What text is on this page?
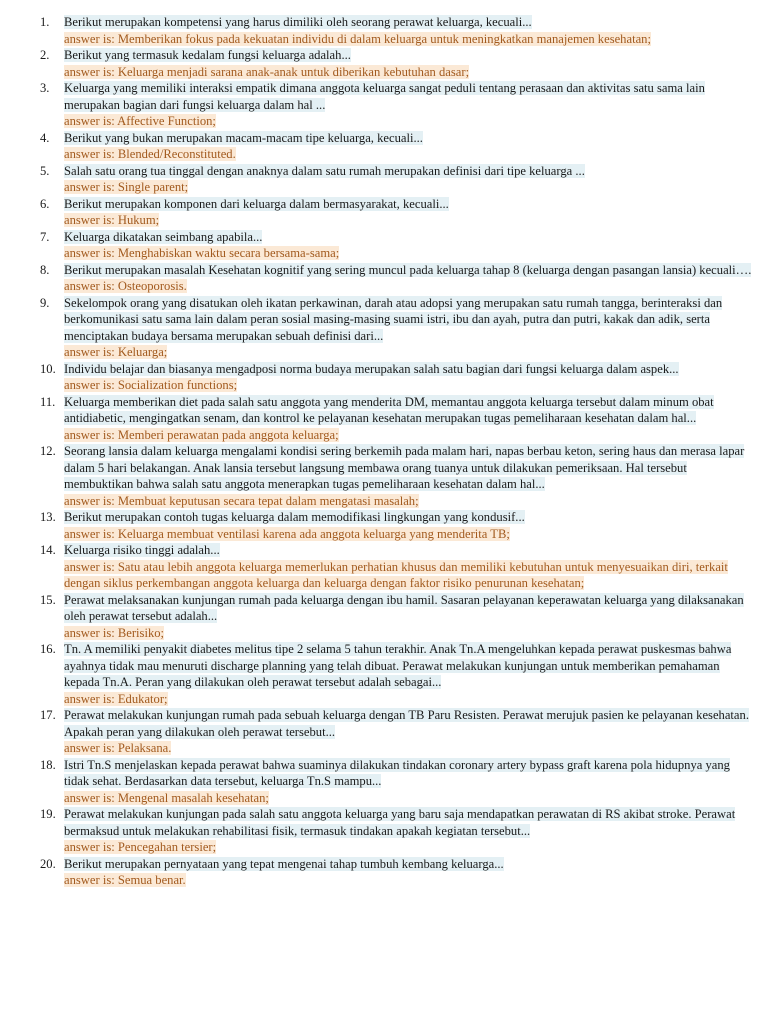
1. Berikut merupakan kompetensi yang harus dimiliki oleh seorang perawat keluarga, kecuali...
answer is: Memberikan fokus pada kekuatan individu di dalam keluarga untuk meningkatkan manajemen kesehatan;
2. Berikut yang termasuk kedalam fungsi keluarga adalah...
answer is: Keluarga menjadi sarana anak-anak untuk diberikan kebutuhan dasar;
3. Keluarga yang memiliki interaksi empatik dimana anggota keluarga sangat peduli tentang perasaan dan aktivitas satu sama lain merupakan bagian dari fungsi keluarga dalam hal ...
answer is: Affective Function;
4. Berikut yang bukan merupakan macam-macam tipe keluarga, kecuali...
answer is: Blended/Reconstituted.
5. Salah satu orang tua tinggal dengan anaknya dalam satu rumah merupakan definisi dari tipe keluarga ...
answer is: Single parent;
6. Berikut merupakan komponen dari keluarga dalam bermasyarakat, kecuali...
answer is: Hukum;
7. Keluarga dikatakan seimbang apabila...
answer is: Menghabiskan waktu secara bersama-sama;
8. Berikut merupakan masalah Kesehatan kognitif yang sering muncul pada keluarga tahap 8 (keluarga dengan pasangan lansia) kecuali….
answer is: Osteoporosis.
9. Sekelompok orang yang disatukan oleh ikatan perkawinan, darah atau adopsi yang merupakan satu rumah tangga, berinteraksi dan berkomunikasi satu sama lain dalam peran sosial masing-masing suami istri, ibu dan ayah, putra dan putri, kakak dan adik, serta menciptakan budaya bersama merupakan sebuah definisi dari...
answer is: Keluarga;
10. Individu belajar dan biasanya mengadposi norma budaya merupakan salah satu bagian dari fungsi keluarga dalam aspek...
answer is: Socialization functions;
11. Keluarga memberikan diet pada salah satu anggota yang menderita DM, memantau anggota keluarga tersebut dalam minum obat antidiabetic, mengingatkan senam, dan kontrol ke pelayanan kesehatan merupakan tugas pemeliharaan kesehatan dalam hal...
answer is: Memberi perawatan pada anggota keluarga;
12. Seorang lansia dalam keluarga mengalami kondisi sering berkemih pada malam hari, napas berbau keton, sering haus dan merasa lapar dalam 5 hari belakangan. Anak lansia tersebut langsung membawa orang tuanya untuk dilakukan pemeriksaan. Hal tersebut membuktikan bahwa salah satu anggota menerapkan tugas pemeliharaan kesehatan dalam hal...
answer is: Membuat keputusan secara tepat dalam mengatasi masalah;
13. Berikut merupakan contoh tugas keluarga dalam memodifikasi lingkungan yang kondusif...
answer is: Keluarga membuat ventilasi karena ada anggota keluarga yang menderita TB;
14. Keluarga risiko tinggi adalah...
answer is: Satu atau lebih anggota keluarga memerlukan perhatian khusus dan memiliki kebutuhan untuk menyesuaikan diri, terkait dengan siklus perkembangan anggota keluarga dan keluarga dengan faktor risiko penurunan kesehatan;
15. Perawat melaksanakan kunjungan rumah pada keluarga dengan ibu hamil. Sasaran pelayanan keperawatan keluarga yang dilaksanakan oleh perawat tersebut adalah...
answer is: Berisiko;
16. Tn. A memiliki penyakit diabetes melitus tipe 2 selama 5 tahun terakhir. Anak Tn.A mengeluhkan kepada perawat puskesmas bahwa ayahnya tidak mau menuruti discharge planning yang telah dibuat. Perawat melakukan kunjungan untuk memberikan pemahaman kepada Tn.A. Peran yang dilakukan oleh perawat tersebut adalah sebagai...
answer is: Edukator;
17. Perawat melakukan kunjungan rumah pada sebuah keluarga dengan TB Paru Resisten. Perawat merujuk pasien ke pelayanan kesehatan. Apakah peran yang dilakukan oleh perawat tersebut...
answer is: Pelaksana.
18. Istri Tn.S menjelaskan kepada perawat bahwa suaminya dilakukan tindakan coronary artery bypass graft karena pola hidupnya yang tidak sehat. Berdasarkan data tersebut, keluarga Tn.S mampu...
answer is: Mengenal masalah kesehatan;
19. Perawat melakukan kunjungan pada salah satu anggota keluarga yang baru saja mendapatkan perawatan di RS akibat stroke. Perawat bermaksud untuk melakukan rehabilitasi fisik, termasuk tindakan apakah kegiatan tersebut...
answer is: Pencegahan tersier;
20. Berikut merupakan pernyataan yang tepat mengenai tahap tumbuh kembang keluarga...
answer is: Semua benar.
